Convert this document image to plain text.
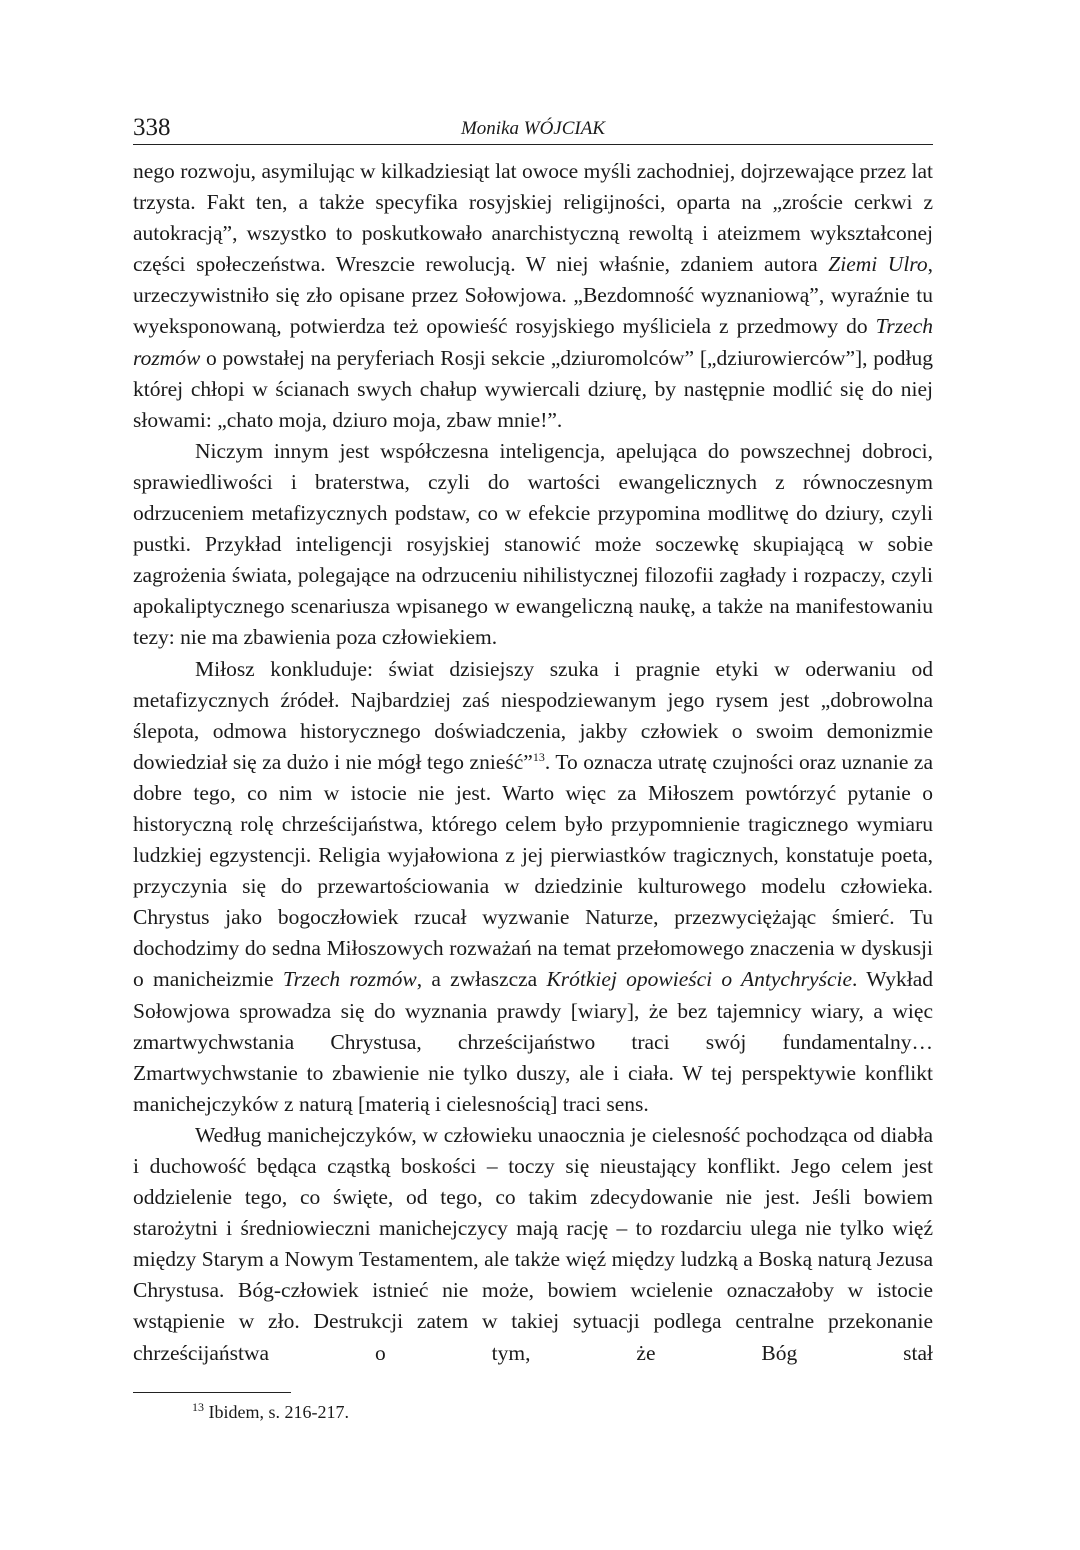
338	Monika WÓJCIAK

nego rozwoju, asymilując w kilkadziesiąt lat owoce myśli zachodniej, dojrzewające przez lat trzysta. Fakt ten, a także specyfika rosyjskiej religijności, oparta na „zroście cerkwi z autokracją”, wszystko to poskutkowało anarchistyczną rewoltą i ateizmem wykształconej części społeczeństwa. Wreszcie rewolucją. W niej właśnie, zdaniem autora Ziemi Ulro, urzeczywistniło się zło opisane przez Sołowjowa. „Bezdomność wyznaniową”, wyraźnie tu wyeksponowaną, potwierdza też opowieść rosyjskiego myśliciela z przedmowy do Trzech rozmów o powstałej na peryferiach Rosji sekcie „dziuromolców” [„dziurowierców”], podług której chłopi w ścianach swych chałup wywiercali dziurę, by następnie modlić się do niej słowami: „chato moja, dziuro moja, zbaw mnie!”.

Niczym innym jest współczesna inteligencja, apelująca do powszechnej dobroci, sprawiedliwości i braterstwa, czyli do wartości ewangelicznych z równoczesnym odrzuceniem metafizycznych podstaw, co w efekcie przypomina modlitwę do dziury, czyli pustki. Przykład inteligencji rosyjskiej stanowić może soczewkę skupiającą w sobie zagrożenia świata, polegające na odrzuceniu nihilistycznej filozofii zagłady i rozpaczy, czyli apokaliptycznego scenariusza wpisanego w ewangeliczną naukę, a także na manifestowaniu tezy: nie ma zbawienia poza człowiekiem.

Miłosz konkluduje: świat dzisiejszy szuka i pragnie etyki w oderwaniu od metafizycznych źródeł. Najbardziej zaś niespodziewanym jego rysem jest „dobrowolna ślepota, odmowa historycznego doświadczenia, jakby człowiek o swoim demonizmie dowiedział się za dużo i nie mógł tego znieść”$^{13}$. To oznacza utratę czujności oraz uznanie za dobre tego, co nim w istocie nie jest. Warto więc za Miłoszem powtórzyć pytanie o historyczną rolę chrześcijaństwa, którego celem było przypomnienie tragicznego wymiaru ludzkiej egzystencji. Religia wyjałowiona z jej pierwiastków tragicznych, konstatuje poeta, przyczynia się do przewartościowania w dziedzinie kulturowego modelu człowieka. Chrystus jako bogoczłowiek rzucał wyzwanie Naturze, przezwyciężając śmierć. Tu dochodzimy do sedna Miłoszowych rozważań na temat przełomowego znaczenia w dyskusji o manicheizmie Trzech rozmów, a zwłaszcza Krótkiej opowieści o Antychryście. Wykład Sołowjowa sprowadza się do wyznania prawdy [wiary], że bez tajemnicy wiary, a więc zmartwychwstania Chrystusa, chrześcijaństwo traci swój fundamentalny… Zmartwychwstanie to zbawienie nie tylko duszy, ale i ciała. W tej perspektywie konflikt manichejczyków z naturą [materią i cielesnością] traci sens.

Według manichejczyków, w człowieku unaocznia je cielesność pochodząca od diabła i duchowość będąca cząstką boskości – toczy się nieustający konflikt. Jego celem jest oddzielenie tego, co święte, od tego, co takim zdecydowanie nie jest. Jeśli bowiem starożytni i średniowieczni manichejczycy mają rację – to rozdarciu ulega nie tylko więź między Starym a Nowym Testamentem, ale także więź między ludzką a Boską naturą Jezusa Chrystusa. Bóg-człowiek istnieć nie może, bowiem wcielenie oznaczałoby w istocie wstąpienie w zło. Destrukcji zatem w takiej sytuacji podlega centralne przekonanie chrześcijaństwa o tym, że Bóg stał

$^{13}$ Ibidem, s. 216-217.
